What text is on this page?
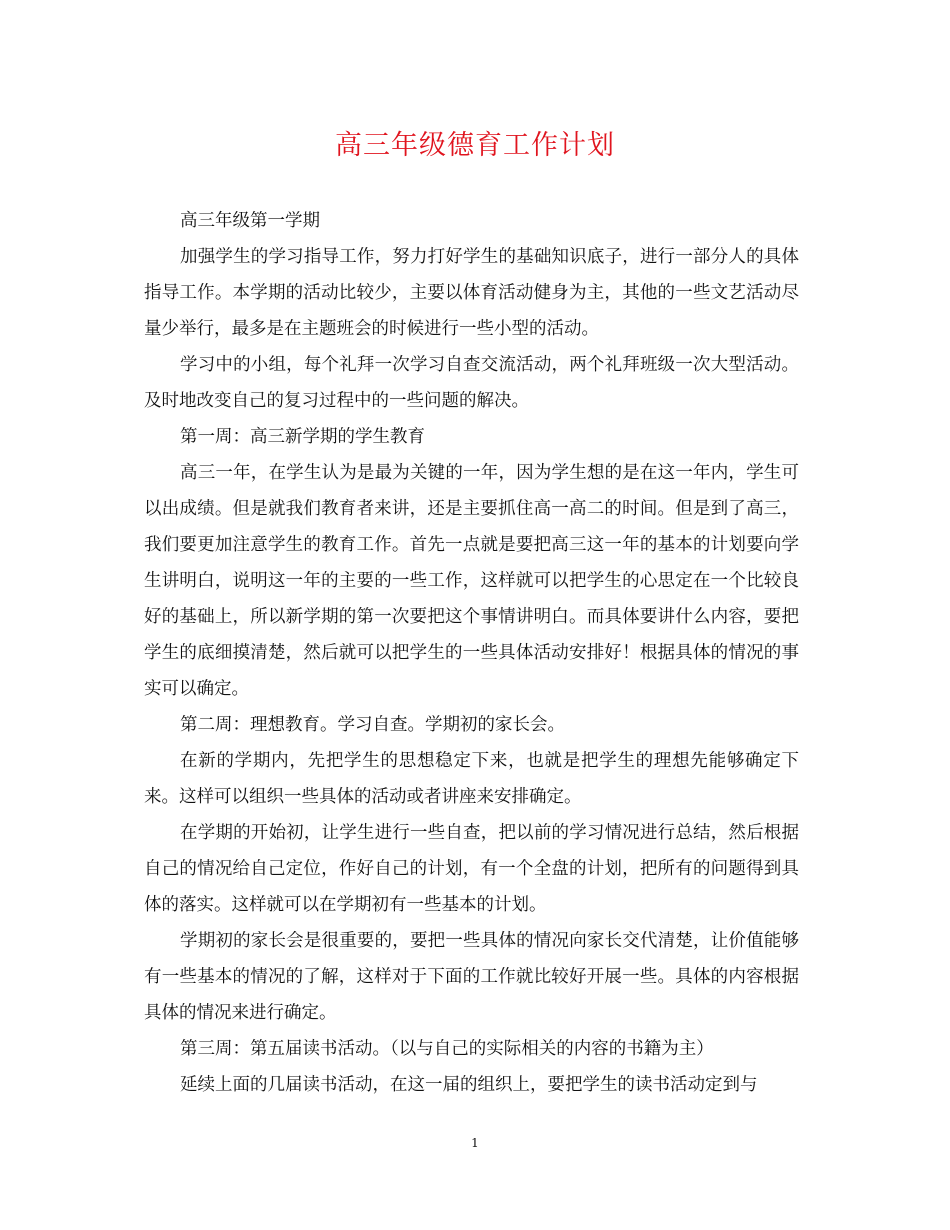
高三年级德育工作计划

高三年级第一学期

加强学生的学习指导工作，努力打好学生的基础知识底子，进行一部分人的具体指导工作。本学期的活动比较少，主要以体育活动健身为主，其他的一些文艺活动尽量少举行，最多是在主题班会的时候进行一些小型的活动。

学习中的小组，每个礼拜一次学习自查交流活动，两个礼拜班级一次大型活动。及时地改变自己的复习过程中的一些问题的解决。

第一周：高三新学期的学生教育

高三一年，在学生认为是最为关键的一年，因为学生想的是在这一年内，学生可以出成绩。但是就我们教育者来讲，还是主要抓住高一高二的时间。但是到了高三，我们要更加注意学生的教育工作。首先一点就是要把高三这一年的基本的计划要向学生讲明白，说明这一年的主要的一些工作，这样就可以把学生的心思定在一个比较良好的基础上，所以新学期的第一次要把这个事情讲明白。而具体要讲什么内容，要把学生的底细摸清楚，然后就可以把学生的一些具体活动安排好！根据具体的情况的事实可以确定。

第二周：理想教育。学习自查。学期初的家长会。

在新的学期内，先把学生的思想稳定下来，也就是把学生的理想先能够确定下来。这样可以组织一些具体的活动或者讲座来安排确定。

在学期的开始初，让学生进行一些自查，把以前的学习情况进行总结，然后根据自己的情况给自己定位，作好自己的计划，有一个全盘的计划，把所有的问题得到具体的落实。这样就可以在学期初有一些基本的计划。

学期初的家长会是很重要的，要把一些具体的情况向家长交代清楚，让价值能够有一些基本的情况的了解，这样对于下面的工作就比较好开展一些。具体的内容根据具体的情况来进行确定。

第三周：第五届读书活动。（以与自己的实际相关的内容的书籍为主）

延续上面的几届读书活动，在这一届的组织上，要把学生的读书活动定到与

1
